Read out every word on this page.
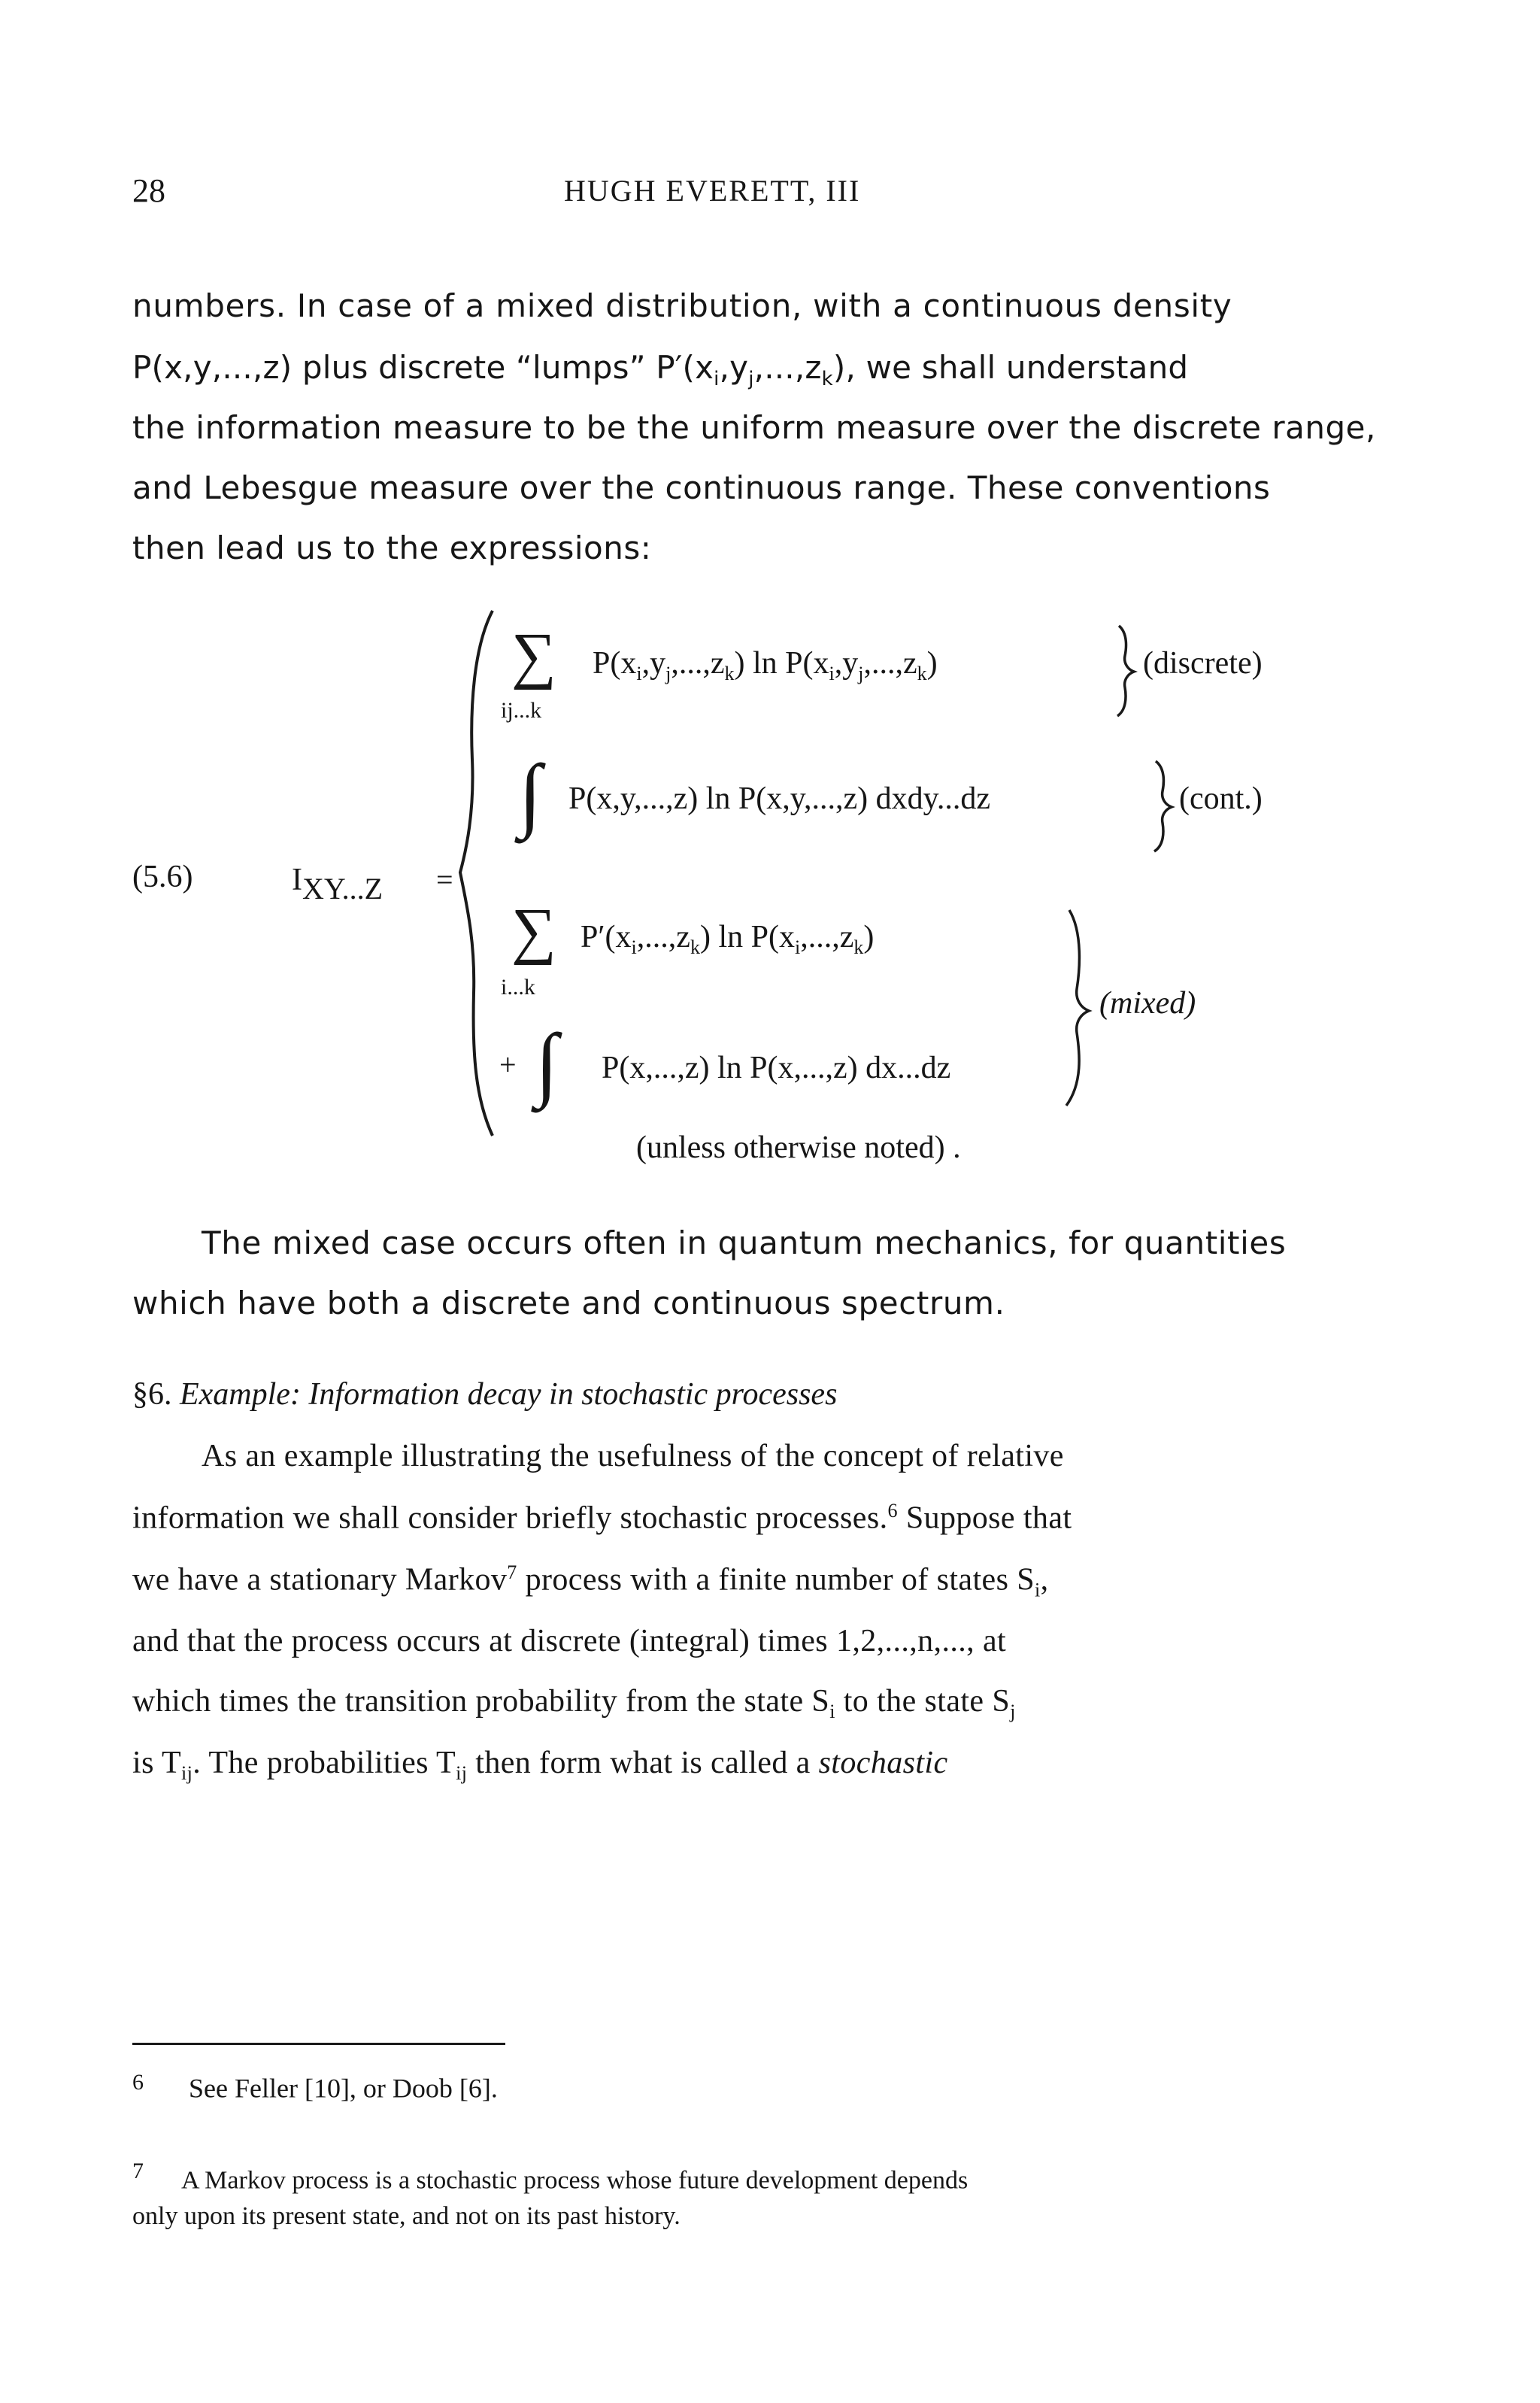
28	HUGH EVERETT, III
numbers. In case of a mixed distribution, with a continuous density
P(x,y,...,z) plus discrete “lumps” $P'(x_i,y_j,...,z_k)$, we shall understand
the information measure to be the uniform measure over the discrete range,
and Lebesgue measure over the continuous range. These conventions
then lead us to the expressions:
(5.6)	IXY...Z =
∑
ij...k
$P(x_i,y_j,...,z_k)$ $\ln P(x_i,y_j,...,z_k)$	(discrete)
∫ P(x,y,...,z) ln P(x,y,...,z) dxdy...dz	(cont.)
∑
i...k
$P'(x_i,...,z_k)$ $\ln P(x_i,...,z_k)$
(mixed)
+ ∫ P(x,...,z) ln P(x,...,z) dx...dz
(unless otherwise noted) .
The mixed case occurs often in quantum mechanics, for quantities
which have both a discrete and continuous spectrum.
§6. Example: Information decay in stochastic processes
As an example illustrating the usefulness of the concept of relative
information we shall consider briefly stochastic processes.$^6$ Suppose that
we have a stationary Markov$^7$ process with a finite number of states $S_i$,
and that the process occurs at discrete (integral) times 1,2,...,n,..., at
which times the transition probability from the state $S_i$ to the state $S_j$
is $T_{ij}$. The probabilities $T_{ij}$ then form what is called a stochastic
$^6$ See Feller [10], or Doob [6].
7 A Markov process is a stochastic process whose future development depends
only upon its present state, and not on its past history.
